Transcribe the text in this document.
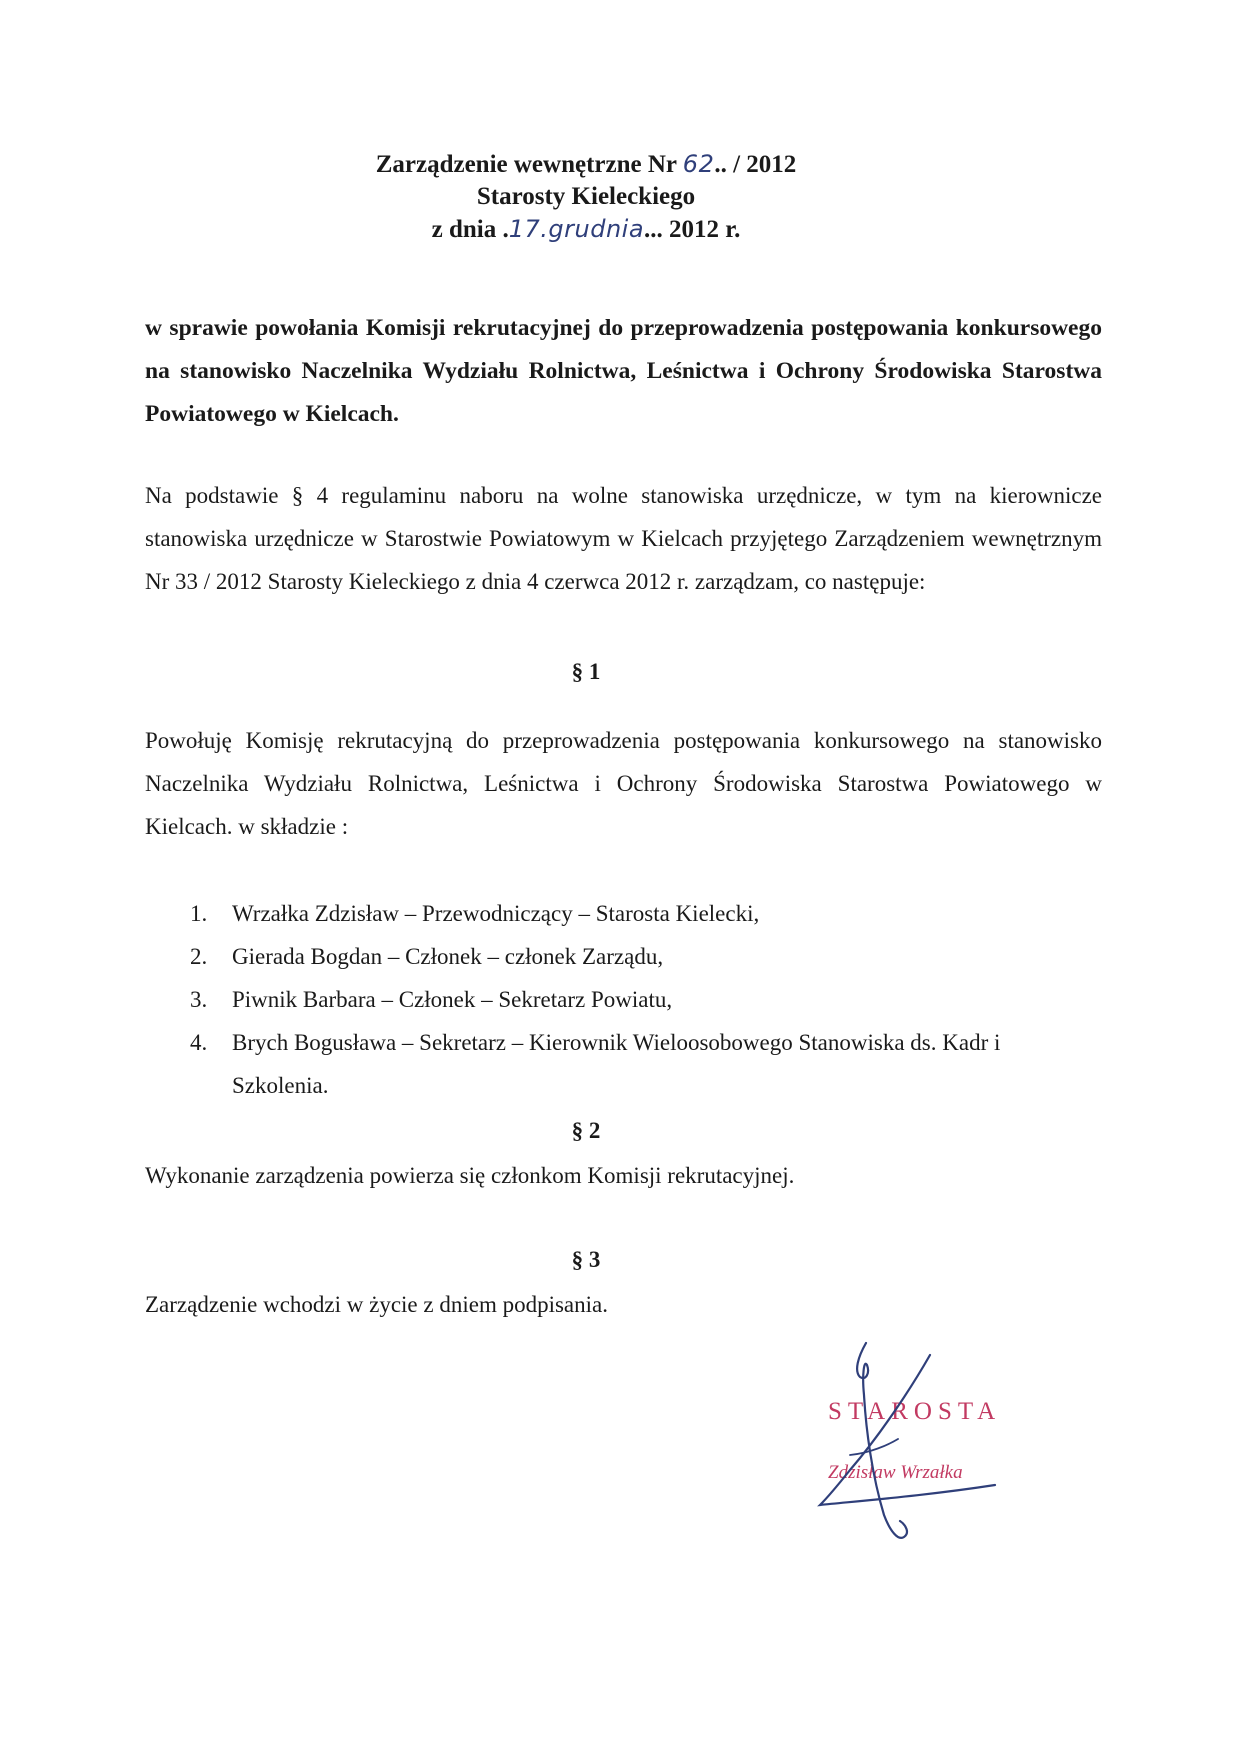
Zarządzenie wewnętrzne Nr 62.. / 2012
Starosty Kieleckiego
z dnia .17.grudnia... 2012 r.
w sprawie powołania Komisji rekrutacyjnej do przeprowadzenia postępowania konkursowego na stanowisko Naczelnika Wydziału Rolnictwa, Leśnictwa i Ochrony Środowiska Starostwa Powiatowego w Kielcach.
Na podstawie § 4 regulaminu naboru na wolne stanowiska urzędnicze, w tym na kierownicze stanowiska urzędnicze w Starostwie Powiatowym w Kielcach przyjętego Zarządzeniem wewnętrznym Nr 33 / 2012 Starosty Kieleckiego z dnia 4 czerwca 2012 r. zarządzam, co następuje:
§ 1
Powołuję Komisję rekrutacyjną do przeprowadzenia postępowania konkursowego na stanowisko Naczelnika Wydziału Rolnictwa, Leśnictwa i Ochrony Środowiska Starostwa Powiatowego w Kielcach. w składzie :
1.	Wrzałka Zdzisław – Przewodniczący – Starosta Kielecki,
2.	Gierada Bogdan – Członek – członek Zarządu,
3.	Piwnik Barbara – Członek – Sekretarz Powiatu,
4.	Brych Bogusława – Sekretarz – Kierownik Wieloosobowego Stanowiska ds. Kadr i Szkolenia.
§ 2
Wykonanie zarządzenia powierza się członkom Komisji rekrutacyjnej.
§ 3
Zarządzenie wchodzi w życie z dniem podpisania.
STAROSTA
Zdzisław Wrzałka
